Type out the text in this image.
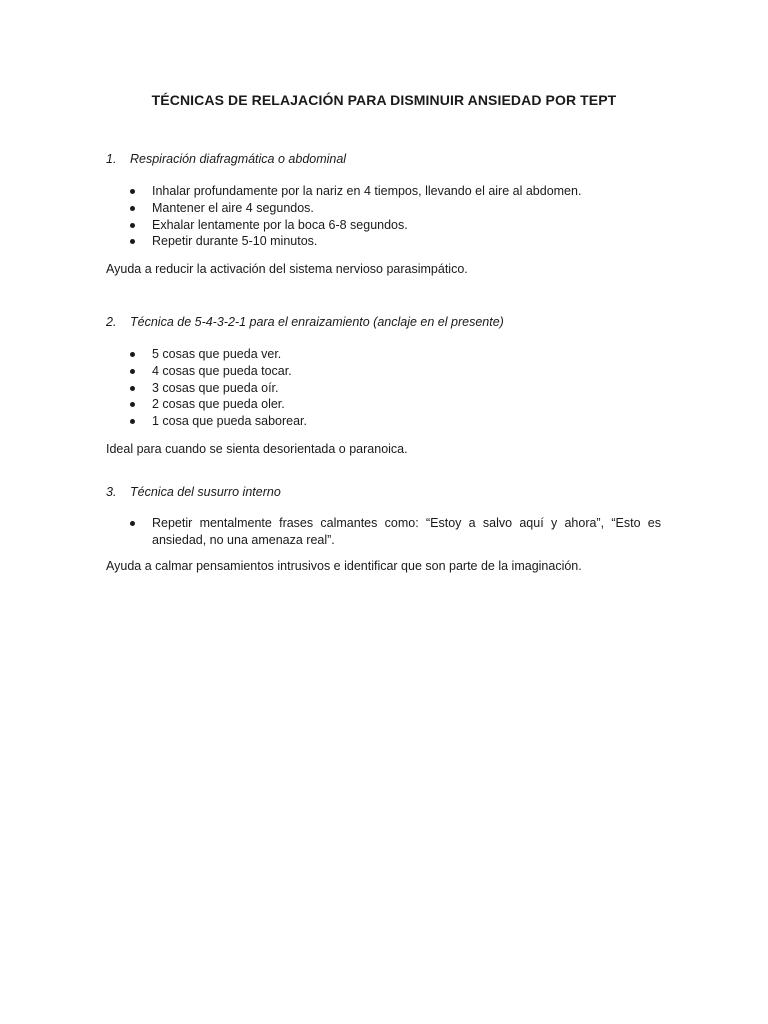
TÉCNICAS DE RELAJACIÓN PARA DISMINUIR ANSIEDAD POR TEPT
1. Respiración diafragmática o abdominal
Inhalar profundamente por la nariz en 4 tiempos, llevando el aire al abdomen.
Mantener el aire 4 segundos.
Exhalar lentamente por la boca 6-8 segundos.
Repetir durante 5-10 minutos.
Ayuda a reducir la activación del sistema nervioso parasimpático.
2. Técnica de 5-4-3-2-1 para el enraizamiento (anclaje en el presente)
5 cosas que pueda ver.
4 cosas que pueda tocar.
3 cosas que pueda oír.
2 cosas que pueda oler.
1 cosa que pueda saborear.
Ideal para cuando se sienta desorientada o paranoica.
3. Técnica del susurro interno
Repetir mentalmente frases calmantes como: “Estoy a salvo aquí y ahora”, “Esto es ansiedad, no una amenaza real”.
Ayuda a calmar pensamientos intrusivos e identificar que son parte de la imaginación.
